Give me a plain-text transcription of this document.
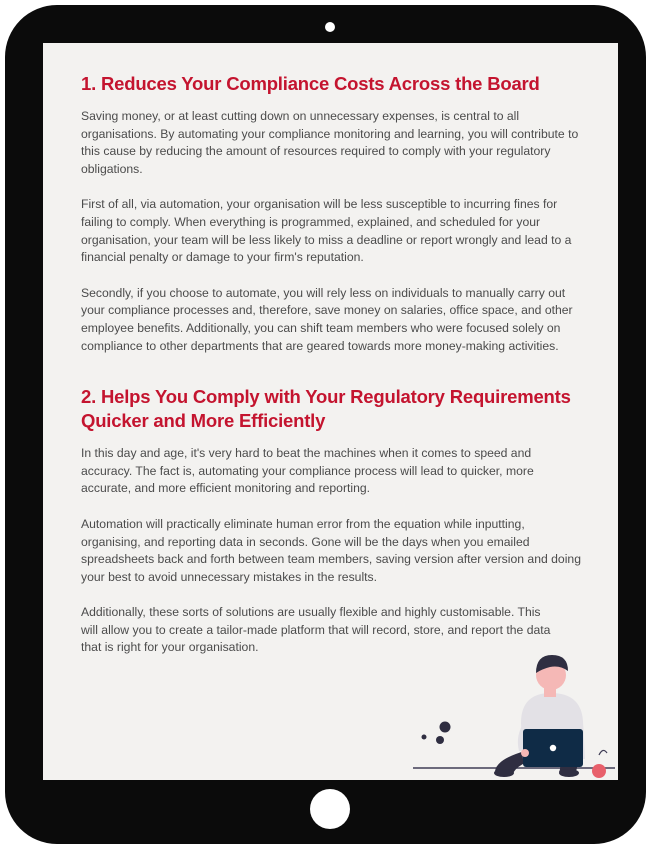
1. Reduces Your Compliance Costs Across the Board

Saving money, or at least cutting down on unnecessary expenses, is central to all organisations. By automating your compliance monitoring and learning, you will contribute to this cause by reducing the amount of resources required to comply with your regulatory obligations.

First of all, via automation, your organisation will be less susceptible to incurring fines for failing to comply. When everything is programmed, explained, and scheduled for your organisation, your team will be less likely to miss a deadline or report wrongly and lead to a financial penalty or damage to your firm's reputation.

Secondly, if you choose to automate, you will rely less on individuals to manually carry out your compliance processes and, therefore, save money on salaries, office space, and other employee benefits. Additionally, you can shift team members who were focused solely on compliance to other departments that are geared towards more money-making activities.

2. Helps You Comply with Your Regulatory Requirements Quicker and More Efficiently

In this day and age, it's very hard to beat the machines when it comes to speed and accuracy. The fact is, automating your compliance process will lead to quicker, more accurate, and more efficient monitoring and reporting.

Automation will practically eliminate human error from the equation while inputting, organising, and reporting data in seconds. Gone will be the days when you emailed spreadsheets back and forth between team members, saving version after version and doing your best to avoid unnecessary mistakes in the results.

Additionally, these sorts of solutions are usually flexible and highly customisable. This will allow you to create a tailor-made platform that will record, store, and report the data that is right for your organisation.
